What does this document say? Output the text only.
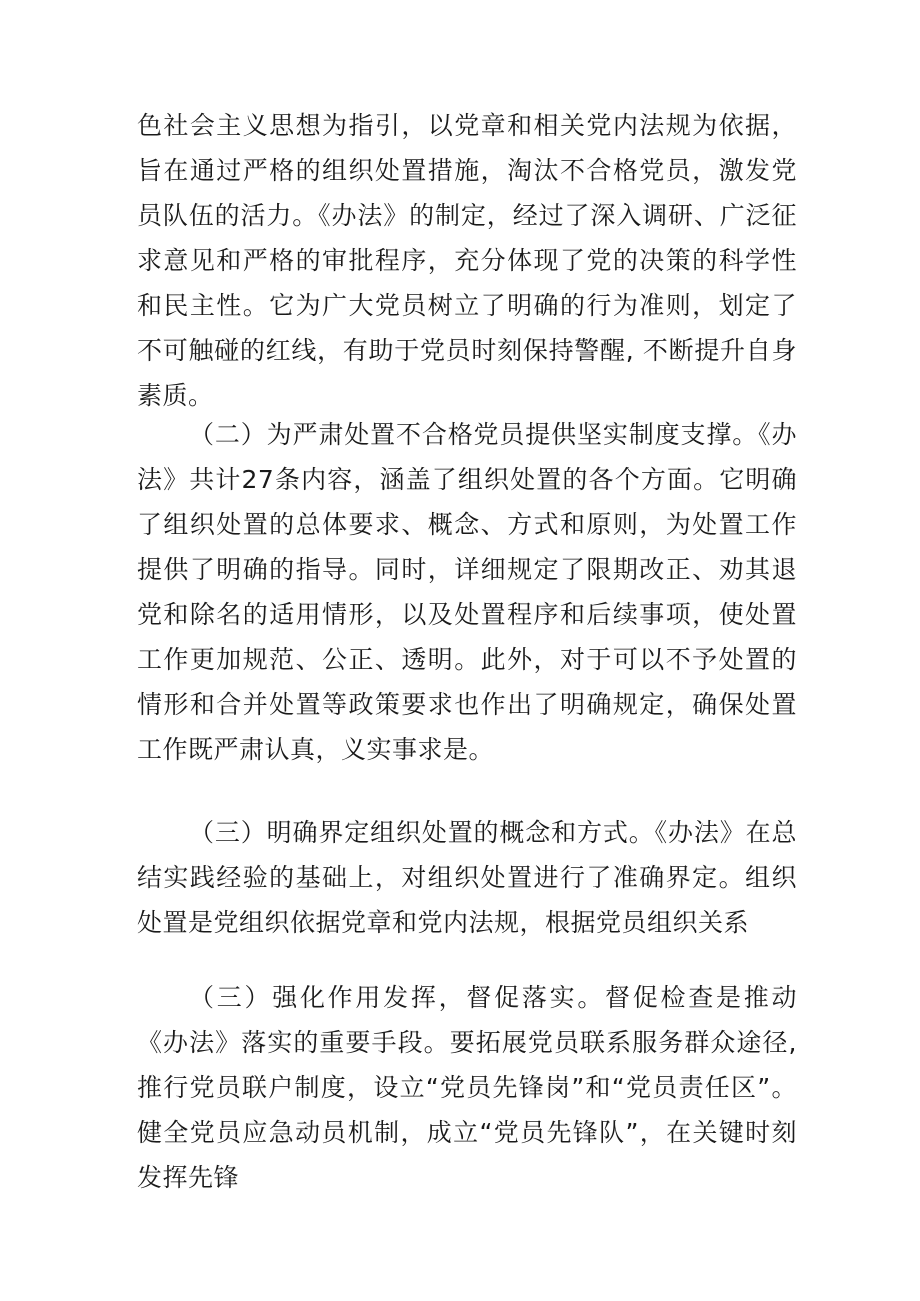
色社会主义思想为指引，以党章和相关党内法规为依据，旨在通过严格的组织处置措施，淘汰不合格党员，激发党员队伍的活力。《办法》的制定，经过了深入调研、广泛征求意见和严格的审批程序，充分体现了党的决策的科学性和民主性。它为广大党员树立了明确的行为准则，划定了不可触碰的红线，有助于党员时刻保持警醒, 不断提升自身素质。

（二）为严肃处置不合格党员提供坚实制度支撑。《办法》共计27条内容，涵盖了组织处置的各个方面。它明确了组织处置的总体要求、概念、方式和原则，为处置工作提供了明确的指导。同时，详细规定了限期改正、劝其退党和除名的适用情形，以及处置程序和后续事项，使处置工作更加规范、公正、透明。此外，对于可以不予处置的情形和合并处置等政策要求也作出了明确规定，确保处置工作既严肃认真，义实事求是。

（三）明确界定组织处置的概念和方式。《办法》在总结实践经验的基础上，对组织处置进行了准确界定。组织处置是党组织依据党章和党内法规，根据党员组织关系

（三）强化作用发挥，督促落实。督促检查是推动《办法》落实的重要手段。要拓展党员联系服务群众途径, 推行党员联户制度，设立“党员先锋岗”和“党员责任区”。健全党员应急动员机制，成立“党员先锋队”，在关键时刻发挥先锋
